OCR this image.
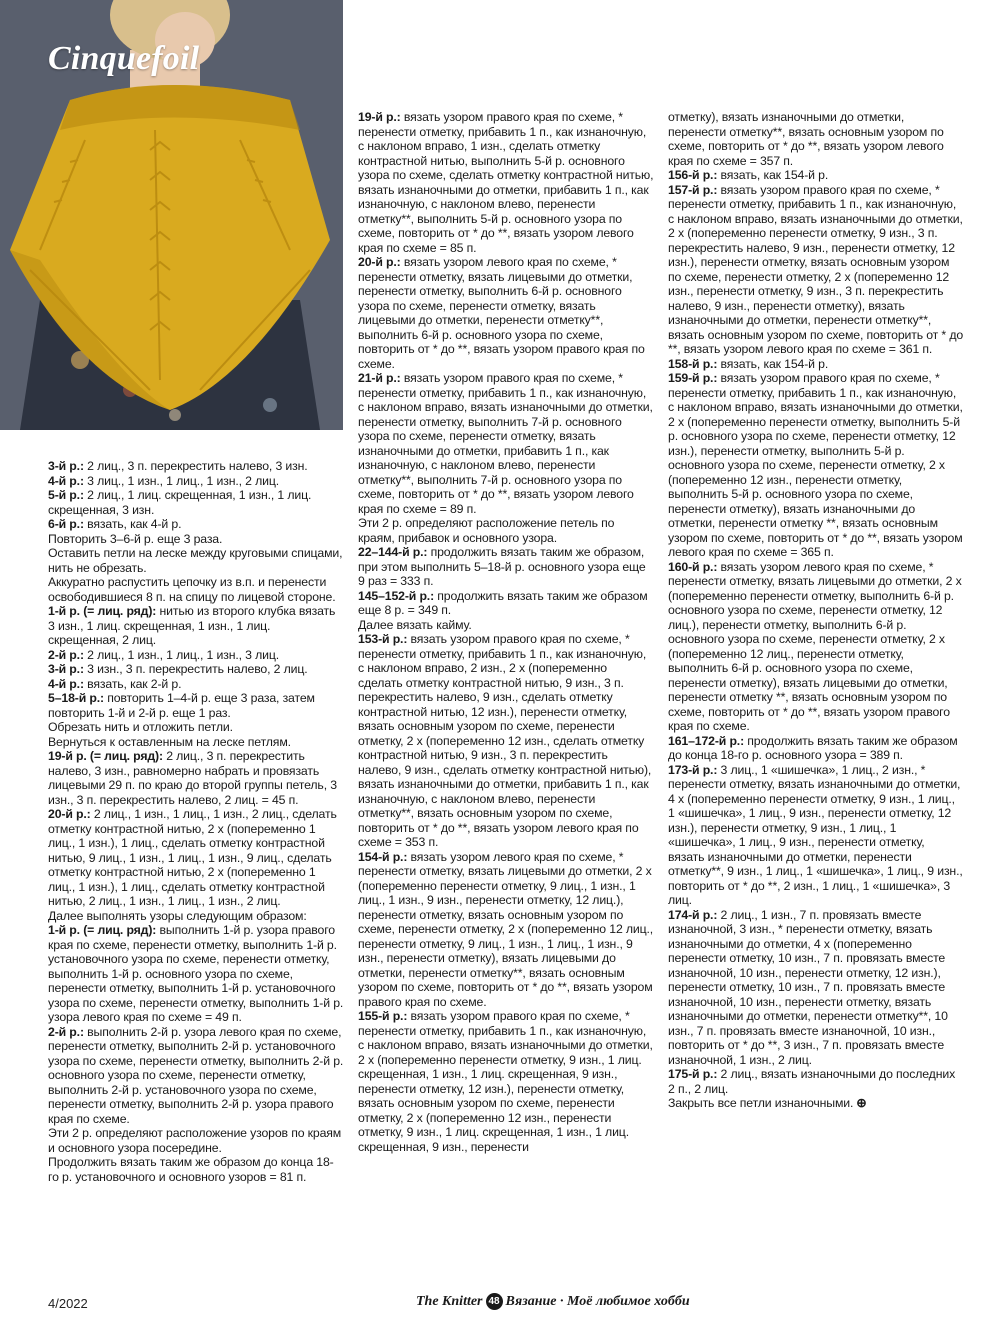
Cinquefoil

3-й р.: 2 лиц., 3 п. перекрестить налево, 3 изн.

4-й р.: 3 лиц., 1 изн., 1 лиц., 1 изн., 2 лиц.

5-й р.: 2 лиц., 1 лиц. скрещенная, 1 изн., 1 лиц. скрещенная, 3 изн.

6-й р.: вязать, как 4-й р.

Повторить 3–6-й р. еще 3 раза.

Оставить петли на леске между круговыми спицами, нить не обрезать.

Аккуратно распустить цепочку из в.п. и перенести освободившиеся 8 п. на спицу по лицевой стороне.

1-й р. (= лиц. ряд): нитью из второго клубка вязать 3 изн., 1 лиц. скрещенная, 1 изн., 1 лиц. скрещенная, 2 лиц.

2-й р.: 2 лиц., 1 изн., 1 лиц., 1 изн., 3 лиц.

3-й р.: 3 изн., 3 п. перекрестить налево, 2 лиц.

4-й р.: вязать, как 2-й р.

5–18-й р.: повторить 1–4-й р. еще 3 раза, затем повторить 1-й и 2-й р. еще 1 раз.

Обрезать нить и отложить петли.

Вернуться к оставленным на леске петлям.

19-й р. (= лиц. ряд): 2 лиц., 3 п. перекрестить налево, 3 изн., равномерно набрать и провязать лицевыми 29 п. по краю до второй группы петель, 3 изн., 3 п. перекрестить налево, 2 лиц. = 45 п.

20-й р.: 2 лиц., 1 изн., 1 лиц., 1 изн., 2 лиц., сделать отметку контрастной нитью, 2 х (попеременно 1 лиц., 1 изн.), 1 лиц., сделать отметку контрастной нитью, 9 лиц., 1 изн., 1 лиц., 1 изн., 9 лиц., сделать отметку контрастной нитью, 2 х (попеременно 1 лиц., 1 изн.), 1 лиц., сделать отметку контрастной нитью, 2 лиц., 1 изн., 1 лиц., 1 изн., 2 лиц.

Далее выполнять узоры следующим образом:

1-й р. (= лиц. ряд): выполнить 1-й р. узора правого края по схеме, перенести отметку, выполнить 1-й р. установочного узора по схеме, перенести отметку, выполнить 1-й р. основного узора по схеме, перенести отметку, выполнить 1-й р. установочного узора по схеме, перенести отметку, выполнить 1-й р. узора левого края по схеме = 49 п.

2-й р.: выполнить 2-й р. узора левого края по схеме, перенести отметку, выполнить 2-й р. установочного узора по схеме, перенести отметку, выполнить 2-й р. основного узора по схеме, перенести отметку, выполнить 2-й р. установочного узора по схеме, перенести отметку, выполнить 2-й р. узора правого края по схеме.

Эти 2 р. определяют расположение узоров по краям и основного узора посередине.

Продолжить вязать таким же образом до конца 18-го р. установочного и основного узоров = 81 п.

19-й р.: вязать узором правого края по схеме, * перенести отметку, прибавить 1 п., как изнаночную, с наклоном вправо, 1 изн., сделать отметку контрастной нитью, выполнить 5-й р. основного узора по схеме, сделать отметку контрастной нитью, вязать изнаночными до отметки, прибавить 1 п., как изнаночную, с наклоном влево, перенести отметку**, выполнить 5-й р. основного узора по схеме, повторить от * до **, вязать узором левого края по схеме = 85 п.

20-й р.: вязать узором левого края по схеме, * перенести отметку, вязать лицевыми до отметки, перенести отметку, выполнить 6-й р. основного узора по схеме, перенести отметку, вязать лицевыми до отметки, перенести отметку**, выполнить 6-й р. основного узора по схеме, повторить от * до **, вязать узором правого края по схеме.

21-й р.: вязать узором правого края по схеме, * перенести отметку, прибавить 1 п., как изнаночную, с наклоном вправо, вязать изнаночными до отметки, перенести отметку, выполнить 7-й р. основного узора по схеме, перенести отметку, вязать изнаночными до отметки, прибавить 1 п., как изнаночную, с наклоном влево, перенести отметку**, выполнить 7-й р. основного узора по схеме, повторить от * до **, вязать узором левого края по схеме = 89 п.

Эти 2 р. определяют расположение петель по краям, прибавок и основного узора.

22–144-й р.: продолжить вязать таким же образом, при этом выполнить 5–18-й р. основного узора еще 9 раз = 333 п.

145–152-й р.: продолжить вязать таким же образом еще 8 р. = 349 п.

Далее вязать кайму.

153-й р.: вязать узором правого края по схеме, * перенести отметку, прибавить 1 п., как изнаночную, с наклоном вправо, 2 изн., 2 х (попеременно сделать отметку контрастной нитью, 9 изн., 3 п. перекрестить налево, 9 изн., сделать отметку контрастной нитью, 12 изн.), перенести отметку, вязать основным узором по схеме, перенести отметку, 2 х (попеременно 12 изн., сделать отметку контрастной нитью, 9 изн., 3 п. перекрестить налево, 9 изн., сделать отметку контрастной нитью), вязать изнаночными до отметки, прибавить 1 п., как изнаночную, с наклоном влево, перенести отметку**, вязать основным узором по схеме, повторить от * до **, вязать узором левого края по схеме = 353 п.

154-й р.: вязать узором левого края по схеме, * перенести отметку, вязать лицевыми до отметки, 2 х (попеременно перенести отметку, 9 лиц., 1 изн., 1 лиц., 1 изн., 9 изн., перенести отметку, 12 лиц.), перенести отметку, вязать основным узором по схеме, перенести отметку, 2 х (попеременно 12 лиц., перенести отметку, 9 лиц., 1 изн., 1 лиц., 1 изн., 9 изн., перенести отметку), вязать лицевыми до отметки, перенести отметку**, вязать основным узором по схеме, повторить от * до **, вязать узором правого края по схеме.

155-й р.: вязать узором правого края по схеме, * перенести отметку, прибавить 1 п., как изнаночную, с наклоном вправо, вязать изнаночными до отметки, 2 х (попеременно перенести отметку, 9 изн., 1 лиц. скрещенная, 1 изн., 1 лиц. скрещенная, 9 изн., перенести отметку, 12 изн.), перенести отметку, вязать основным узором по схеме, перенести отметку, 2 х (попеременно 12 изн., перенести отметку, 9 изн., 1 лиц. скрещенная, 1 изн., 1 лиц. скрещенная, 9 изн., перенести

отметку), вязать изнаночными до отметки, перенести отметку**, вязать основным узором по схеме, повторить от * до **, вязать узором левого края по схеме = 357 п.

156-й р.: вязать, как 154-й р.

157-й р.: вязать узором правого края по схеме, * перенести отметку, прибавить 1 п., как изнаночную, с наклоном вправо, вязать изнаночными до отметки, 2 х (попеременно перенести отметку, 9 изн., 3 п. перекрестить налево, 9 изн., перенести отметку, 12 изн.), перенести отметку, вязать основным узором по схеме, перенести отметку, 2 х (попеременно 12 изн., перенести отметку, 9 изн., 3 п. перекрестить налево, 9 изн., перенести отметку), вязать изнаночными до отметки, перенести отметку**, вязать основным узором по схеме, повторить от * до **, вязать узором левого края по схеме = 361 п.

158-й р.: вязать, как 154-й р.

159-й р.: вязать узором правого края по схеме, * перенести отметку, прибавить 1 п., как изнаночную, с наклоном вправо, вязать изнаночными до отметки, 2 х (попеременно перенести отметку, выполнить 5-й р. основного узора по схеме, перенести отметку, 12 изн.), перенести отметку, выполнить 5-й р. основного узора по схеме, перенести отметку, 2 х (попеременно 12 изн., перенести отметку, выполнить 5-й р. основного узора по схеме, перенести отметку), вязать изнаночными до отметки, перенести отметку **, вязать основным узором по схеме, повторить от * до **, вязать узором левого края по схеме = 365 п.

160-й р.: вязать узором левого края по схеме, * перенести отметку, вязать лицевыми до отметки, 2 х (попеременно перенести отметку, выполнить 6-й р. основного узора по схеме, перенести отметку, 12 лиц.), перенести отметку, выполнить 6-й р. основного узора по схеме, перенести отметку, 2 х (попеременно 12 лиц., перенести отметку, выполнить 6-й р. основного узора по схеме, перенести отметку), вязать лицевыми до отметки, перенести отметку **, вязать основным узором по схеме, повторить от * до **, вязать узором правого края по схеме.

161–172-й р.: продолжить вязать таким же образом до конца 18-го р. основного узора = 389 п.

173-й р.: 3 лиц., 1 «шишечка», 1 лиц., 2 изн., * перенести отметку, вязать изнаночными до отметки, 4 х (попеременно перенести отметку, 9 изн., 1 лиц., 1 «шишечка», 1 лиц., 9 изн., перенести отметку, 12 изн.), перенести отметку, 9 изн., 1 лиц., 1 «шишечка», 1 лиц., 9 изн., перенести отметку, вязать изнаночными до отметки, перенести отметку**, 9 изн., 1 лиц., 1 «шишечка», 1 лиц., 9 изн., повторить от * до **, 2 изн., 1 лиц., 1 «шишечка», 3 лиц.

174-й р.: 2 лиц., 1 изн., 7 п. провязать вместе изнаночной, 3 изн., * перенести отметку, вязать изнаночными до отметки, 4 х (попеременно перенести отметку, 10 изн., 7 п. провязать вместе изнаночной, 10 изн., перенести отметку, 12 изн.), перенести отметку, 10 изн., 7 п. провязать вместе изнаночной, 10 изн., перенести отметку, вязать изнаночными до отметки, перенести отметку**, 10 изн., 7 п. провязать вместе изнаночной, 10 изн., повторить от * до **, 3 изн., 7 п. провязать вместе изнаночной, 1 изн., 2 лиц.

175-й р.: 2 лиц., вязать изнаночными до последних 2 п., 2 лиц.

Закрыть все петли изнаночными. ⊕

4/2022	The Knitter 48 Вязание · Моё любимое хобби
